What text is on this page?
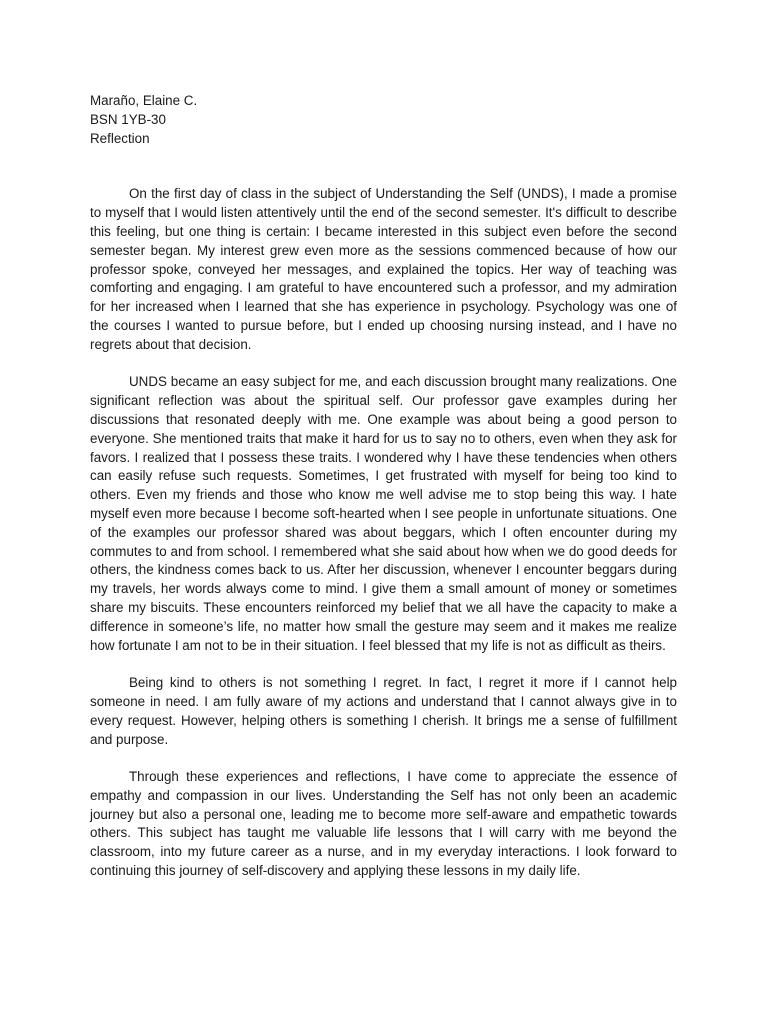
Maraño, Elaine C.
BSN 1YB-30
Reflection

On the first day of class in the subject of Understanding the Self (UNDS), I made a promise to myself that I would listen attentively until the end of the second semester. It's difficult to describe this feeling, but one thing is certain: I became interested in this subject even before the second semester began. My interest grew even more as the sessions commenced because of how our professor spoke, conveyed her messages, and explained the topics. Her way of teaching was comforting and engaging. I am grateful to have encountered such a professor, and my admiration for her increased when I learned that she has experience in psychology. Psychology was one of the courses I wanted to pursue before, but I ended up choosing nursing instead, and I have no regrets about that decision.

UNDS became an easy subject for me, and each discussion brought many realizations. One significant reflection was about the spiritual self. Our professor gave examples during her discussions that resonated deeply with me. One example was about being a good person to everyone. She mentioned traits that make it hard for us to say no to others, even when they ask for favors. I realized that I possess these traits. I wondered why I have these tendencies when others can easily refuse such requests. Sometimes, I get frustrated with myself for being too kind to others. Even my friends and those who know me well advise me to stop being this way. I hate myself even more because I become soft-hearted when I see people in unfortunate situations. One of the examples our professor shared was about beggars, which I often encounter during my commutes to and from school. I remembered what she said about how when we do good deeds for others, the kindness comes back to us. After her discussion, whenever I encounter beggars during my travels, her words always come to mind. I give them a small amount of money or sometimes share my biscuits. These encounters reinforced my belief that we all have the capacity to make a difference in someone’s life, no matter how small the gesture may seem and it makes me realize how fortunate I am not to be in their situation. I feel blessed that my life is not as difficult as theirs.

Being kind to others is not something I regret. In fact, I regret it more if I cannot help someone in need. I am fully aware of my actions and understand that I cannot always give in to every request. However, helping others is something I cherish. It brings me a sense of fulfillment and purpose.

Through these experiences and reflections, I have come to appreciate the essence of empathy and compassion in our lives. Understanding the Self has not only been an academic journey but also a personal one, leading me to become more self-aware and empathetic towards others. This subject has taught me valuable life lessons that I will carry with me beyond the classroom, into my future career as a nurse, and in my everyday interactions. I look forward to continuing this journey of self-discovery and applying these lessons in my daily life.
